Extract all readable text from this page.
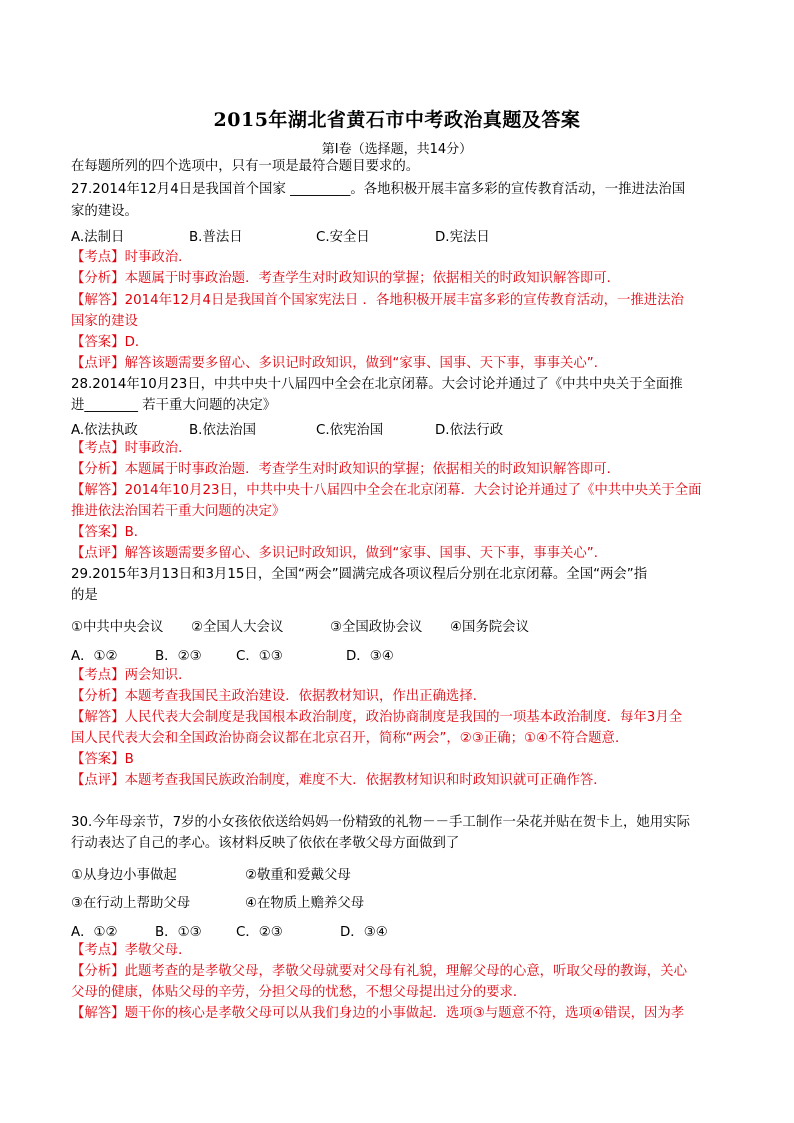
2015年湖北省黄石市中考政治真题及答案
第Ⅰ卷（选择题，共14分）
在每题所列的四个选项中，只有一项是最符合题目要求的。
27.2014年12月4日是我国首个国家 _________。各地积极开展丰富多彩的宣传教育活动，一推进法治国
家的建设。
A.法制日	B.普法日	C.安全日	D.宪法日
【考点】时事政治．
【分析】本题属于时事政治题．考查学生对时政知识的掌握；依据相关的时政知识解答即可．
【解答】2014年12月4日是我国首个国家宪法日 ．各地积极开展丰富多彩的宣传教育活动，一推进法治
国家的建设
【答案】D．
【点评】解答该题需要多留心、多识记时政知识，做到“家事、国事、天下事，事事关心”．
28.2014年10月23日，中共中央十八届四中全会在北京闭幕。大会讨论并通过了《中共中央关于全面推
进________ 若干重大问题的决定》
A.依法执政	B.依法治国	C.依宪治国	D.依法行政
【考点】时事政治．
【分析】本题属于时事政治题．考查学生对时政知识的掌握；依据相关的时政知识解答即可．
【解答】2014年10月23日，中共中央十八届四中全会在北京闭幕．大会讨论并通过了《中共中央关于全面
推进依法治国若干重大问题的决定》
【答案】B．
【点评】解答该题需要多留心、多识记时政知识，做到“家事、国事、天下事，事事关心”．
29.2015年3月13日和3月15日，全国“两会”圆满完成各项议程后分别在北京闭幕。全国“两会”指
的是
①中共中央会议 ②全国人大会议	③全国政协会议 ④国务院会议
A．①②	B．②③	C．①③	D．③④
【考点】两会知识．
【分析】本题考查我国民主政治建设．依据教材知识，作出正确选择．
【解答】人民代表大会制度是我国根本政治制度，政治协商制度是我国的一项基本政治制度．每年3月全
国人民代表大会和全国政治协商会议都在北京召开，简称“两会”，②③正确；①④不符合题意．
【答案】B
【点评】本题考查我国民族政治制度，难度不大．依据教材知识和时政知识就可正确作答．
30.今年母亲节，7岁的小女孩依依送给妈妈一份精致的礼物－－手工制作一朵花并贴在贺卡上，她用实际
行动表达了自己的孝心。该材料反映了依依在孝敬父母方面做到了
①从身边小事做起	②敬重和爱戴父母
③在行动上帮助父母	④在物质上赡养父母
A．①②	B．①③	C．②③	D．③④
【考点】孝敬父母．
【分析】此题考查的是孝敬父母，孝敬父母就要对父母有礼貌，理解父母的心意，听取父母的教诲，关心
父母的健康，体贴父母的辛劳，分担父母的忧愁，不想父母提出过分的要求．
【解答】题干你的核心是孝敬父母可以从我们身边的小事做起．选项③与题意不符，选项④错误，因为孝
